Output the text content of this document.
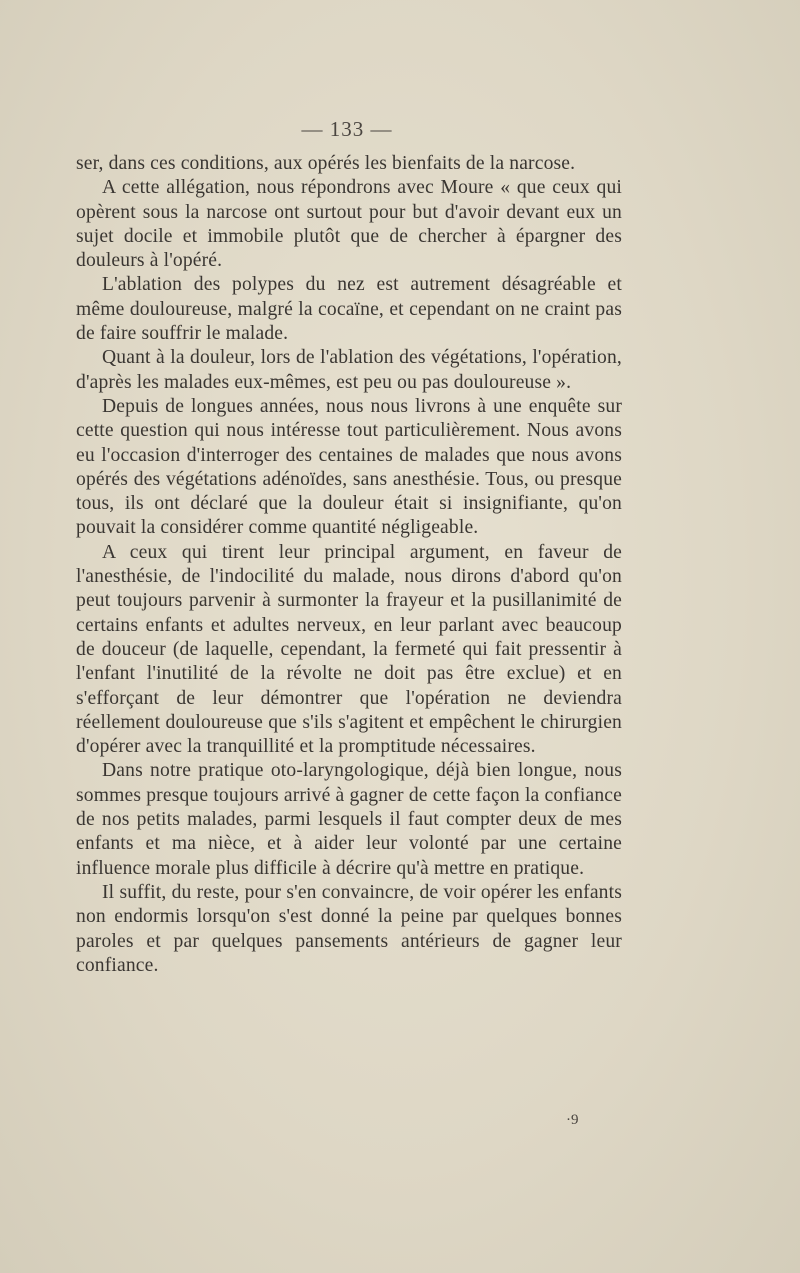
— 133 —

ser, dans ces conditions, aux opérés les bienfaits de la narcose.

A cette allégation, nous répondrons avec Moure « que ceux qui opèrent sous la narcose ont surtout pour but d'avoir devant eux un sujet docile et immobile plutôt que de chercher à épargner des douleurs à l'opéré.

L'ablation des polypes du nez est autrement désagréable et même douloureuse, malgré la cocaïne, et cependant on ne craint pas de faire souffrir le malade.

Quant à la douleur, lors de l'ablation des végétations, l'opération, d'après les malades eux-mêmes, est peu ou pas douloureuse ».

Depuis de longues années, nous nous livrons à une enquête sur cette question qui nous intéresse tout particulièrement. Nous avons eu l'occasion d'interroger des centaines de malades que nous avons opérés des végétations adénoïdes, sans anesthésie. Tous, ou presque tous, ils ont déclaré que la douleur était si insignifiante, qu'on pouvait la considérer comme quantité négligeable.

A ceux qui tirent leur principal argument, en faveur de l'anesthésie, de l'indocilité du malade, nous dirons d'abord qu'on peut toujours parvenir à surmonter la frayeur et la pusillanimité de certains enfants et adultes nerveux, en leur parlant avec beaucoup de douceur (de laquelle, cependant, la fermeté qui fait pressentir à l'enfant l'inutilité de la révolte ne doit pas être exclue) et en s'efforçant de leur démontrer que l'opération ne deviendra réellement douloureuse que s'ils s'agitent et empêchent le chirurgien d'opérer avec la tranquillité et la promptitude nécessaires.

Dans notre pratique oto-laryngologique, déjà bien longue, nous sommes presque toujours arrivé à gagner de cette façon la confiance de nos petits malades, parmi lesquels il faut compter deux de mes enfants et ma nièce, et à aider leur volonté par une certaine influence morale plus difficile à décrire qu'à mettre en pratique.

Il suffit, du reste, pour s'en convaincre, de voir opérer les enfants non endormis lorsqu'on s'est donné la peine par quelques bonnes paroles et par quelques pansements antérieurs de gagner leur confiance.

·9
